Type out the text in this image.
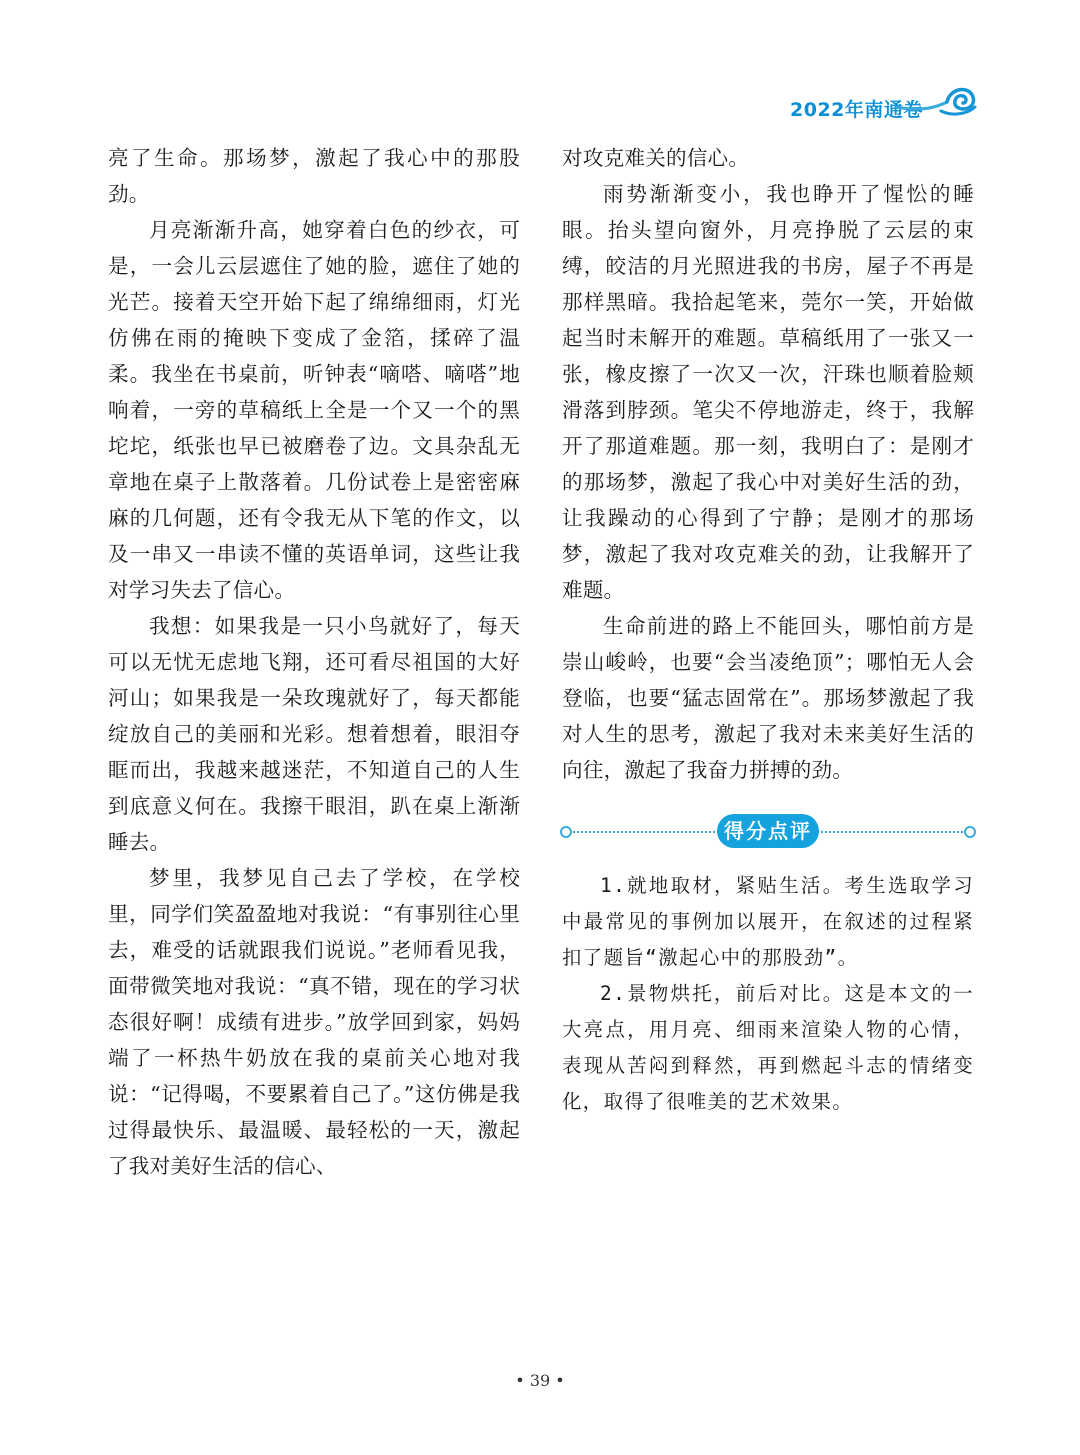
2022年南通卷

亮了生命。那场梦，激起了我心中的那股劲。

月亮渐渐升高，她穿着白色的纱衣，可是，一会儿云层遮住了她的脸，遮住了她的光芒。接着天空开始下起了绵绵细雨，灯光仿佛在雨的掩映下变成了金箔，揉碎了温柔。我坐在书桌前，听钟表“嘀嗒、嘀嗒”地响着，一旁的草稿纸上全是一个又一个的黑坨坨，纸张也早已被磨卷了边。文具杂乱无章地在桌子上散落着。几份试卷上是密密麻麻的几何题，还有令我无从下笔的作文，以及一串又一串读不懂的英语单词，这些让我对学习失去了信心。

我想：如果我是一只小鸟就好了，每天可以无忧无虑地飞翔，还可看尽祖国的大好河山；如果我是一朵玫瑰就好了，每天都能绽放自己的美丽和光彩。想着想着，眼泪夺眶而出，我越来越迷茫，不知道自己的人生到底意义何在。我擦干眼泪，趴在桌上渐渐睡去。

梦里，我梦见自己去了学校，在学校里，同学们笑盈盈地对我说：“有事别往心里去，难受的话就跟我们说说。”老师看见我，面带微笑地对我说：“真不错，现在的学习状态很好啊！成绩有进步。”放学回到家，妈妈端了一杯热牛奶放在我的桌前关心地对我说：“记得喝，不要累着自己了。”这仿佛是我过得最快乐、最温暖、最轻松的一天，激起了我对美好生活的信心、

对攻克难关的信心。

雨势渐渐变小，我也睁开了惺忪的睡眼。抬头望向窗外，月亮挣脱了云层的束缚，皎洁的月光照进我的书房，屋子不再是那样黑暗。我拾起笔来，莞尔一笑，开始做起当时未解开的难题。草稿纸用了一张又一张，橡皮擦了一次又一次，汗珠也顺着脸颊滑落到脖颈。笔尖不停地游走，终于，我解开了那道难题。那一刻，我明白了：是刚才的那场梦，激起了我心中对美好生活的劲，让我躁动的心得到了宁静；是刚才的那场梦，激起了我对攻克难关的劲，让我解开了难题。

生命前进的路上不能回头，哪怕前方是崇山峻岭，也要“会当凌绝顶”；哪怕无人会登临，也要“猛志固常在”。那场梦激起了我对人生的思考，激起了我对未来美好生活的向往，激起了我奋力拼搏的劲。

得分点评

1.就地取材，紧贴生活。考生选取学习中最常见的事例加以展开，在叙述的过程紧扣了题旨“激起心中的那股劲”。

2.景物烘托，前后对比。这是本文的一大亮点，用月亮、细雨来渲染人物的心情，表现从苦闷到释然，再到燃起斗志的情绪变化，取得了很唯美的艺术效果。

• 39 •
